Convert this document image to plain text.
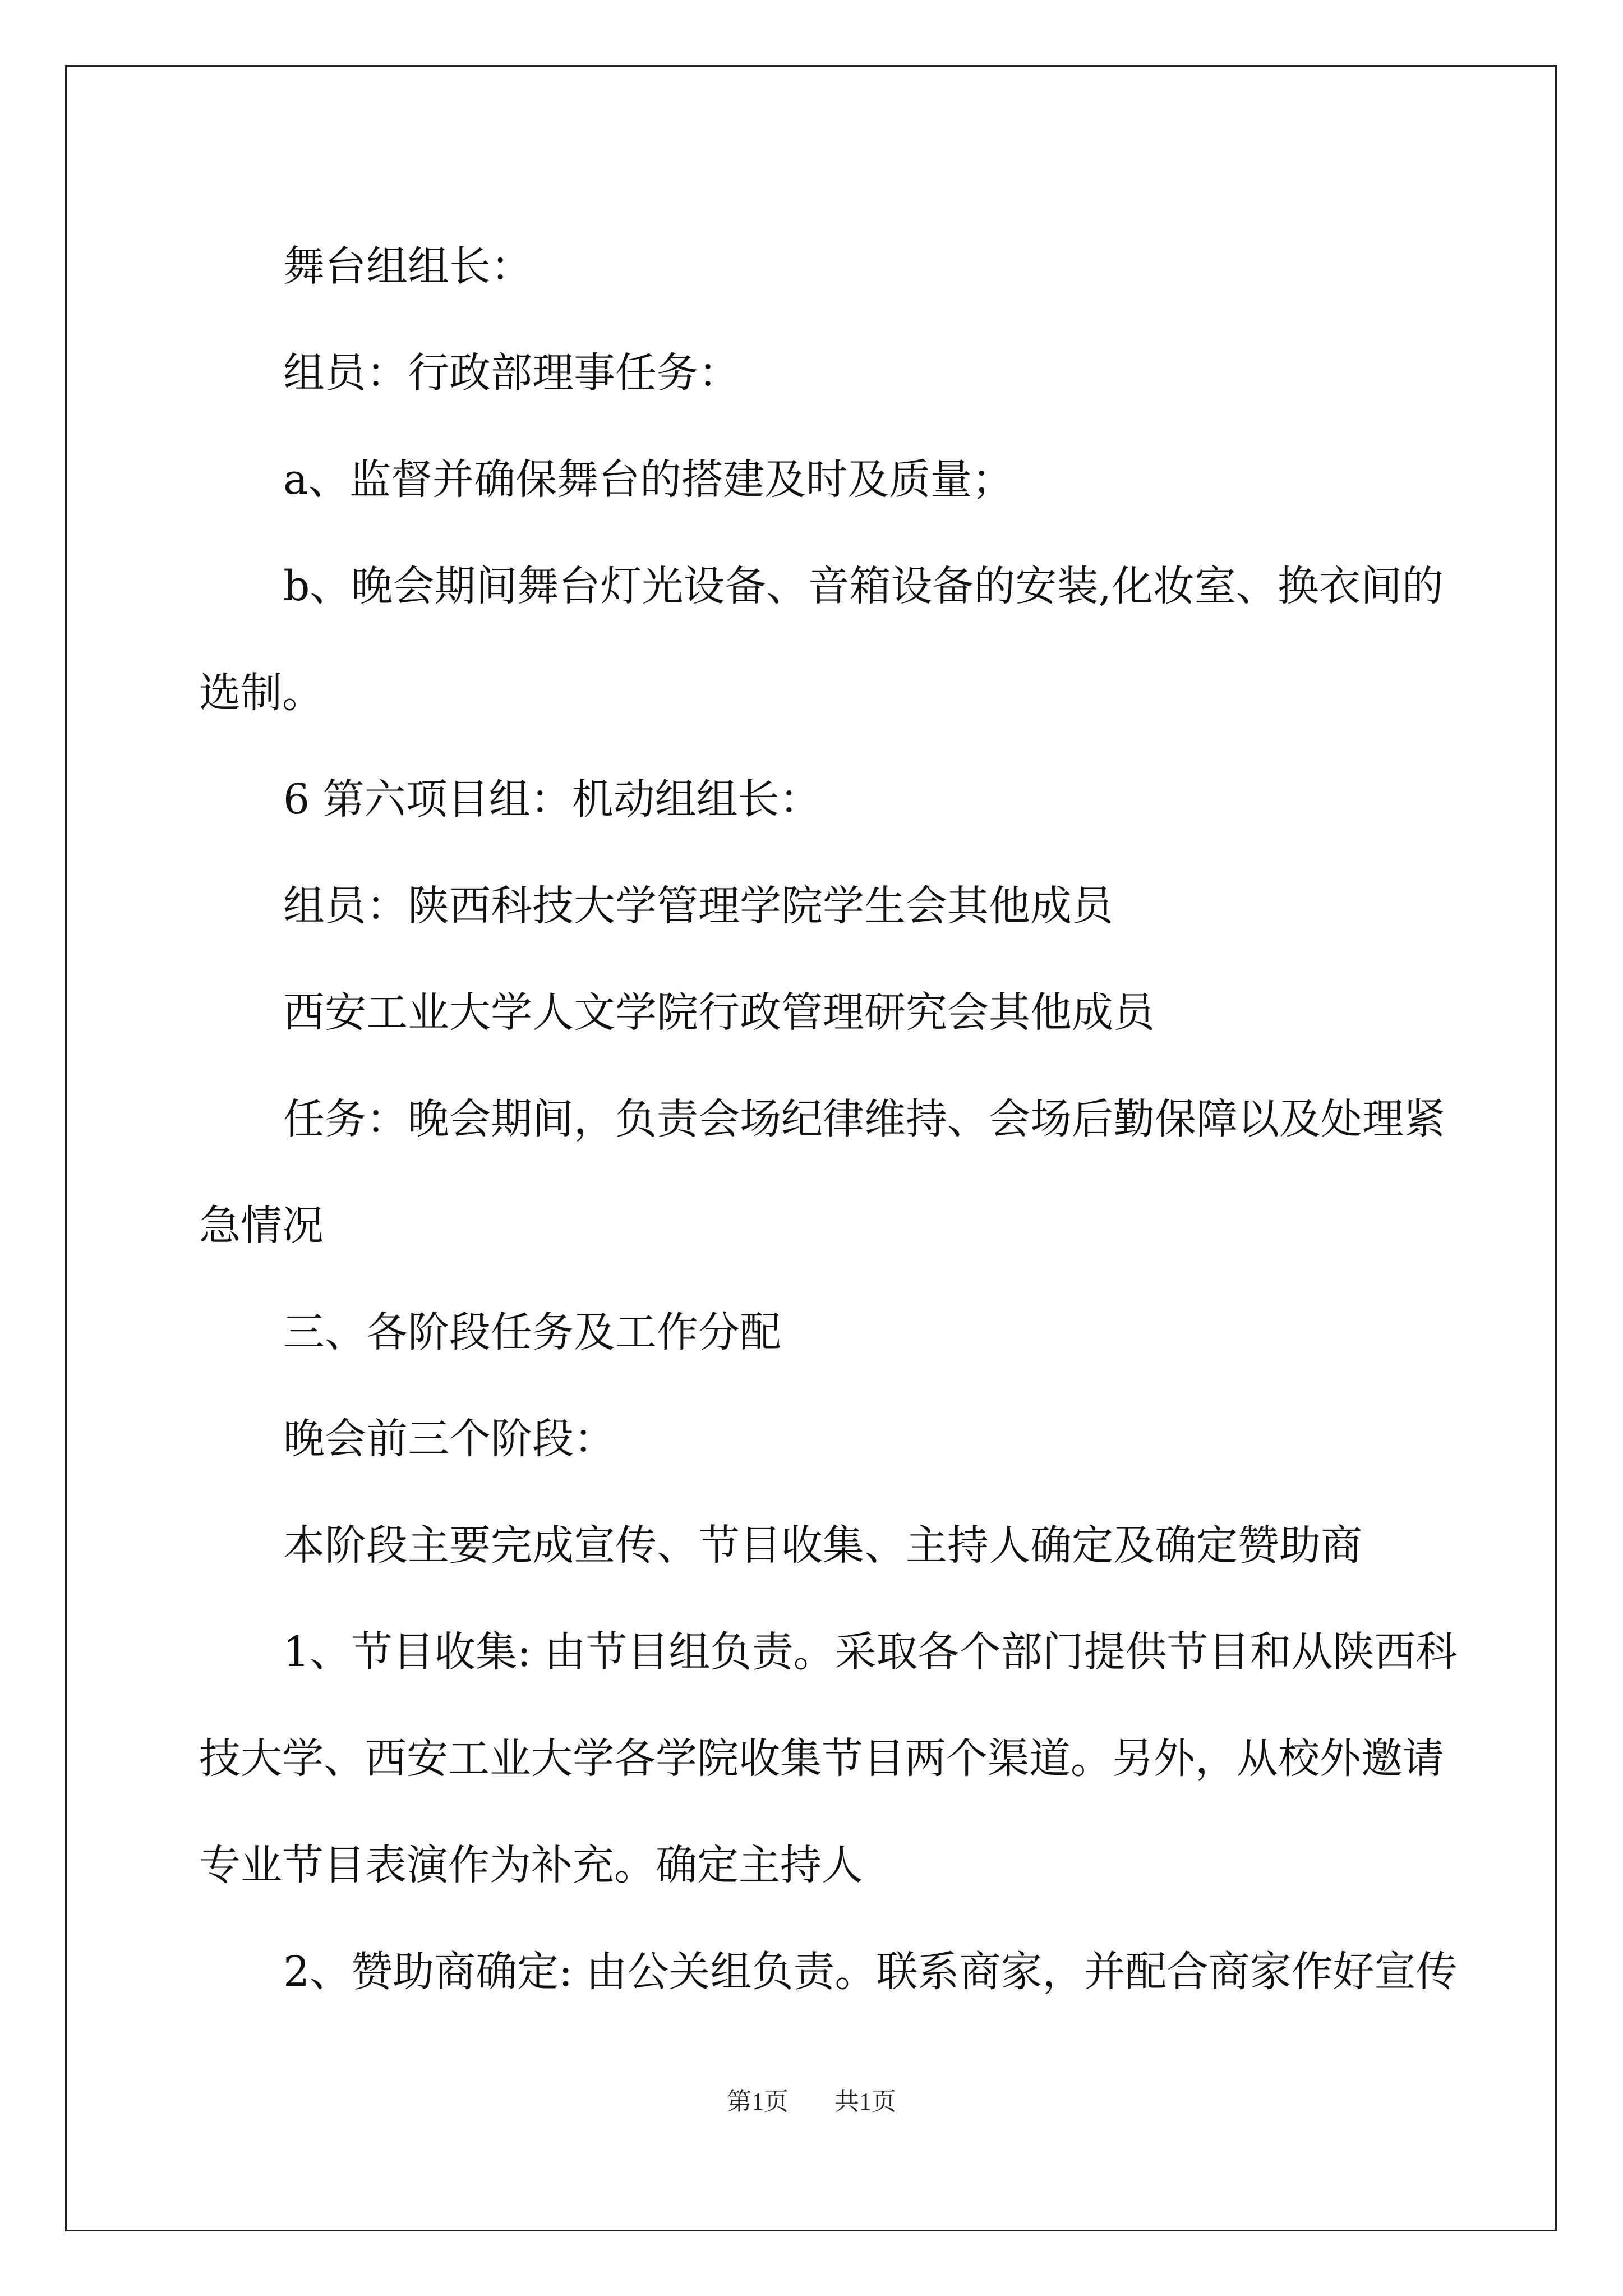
舞台组组长：

组员：行政部理事任务：

a、监督并确保舞台的搭建及时及质量；

b、晚会期间舞台灯光设备、音箱设备的安装,化妆室、换衣间的

选制。

6 第六项目组：机动组组长：

组员：陕西科技大学管理学院学生会其他成员

西安工业大学人文学院行政管理研究会其他成员

任务：晚会期间，负责会场纪律维持、会场后勤保障以及处理紧

急情况

三、各阶段任务及工作分配

晚会前三个阶段：

本阶段主要完成宣传、节目收集、主持人确定及确定赞助商

1、节目收集: 由节目组负责。采取各个部门提供节目和从陕西科

技大学、西安工业大学各学院收集节目两个渠道。另外，从校外邀请

专业节目表演作为补充。确定主持人

2、赞助商确定: 由公关组负责。联系商家，并配合商家作好宣传

第1页 共1页
